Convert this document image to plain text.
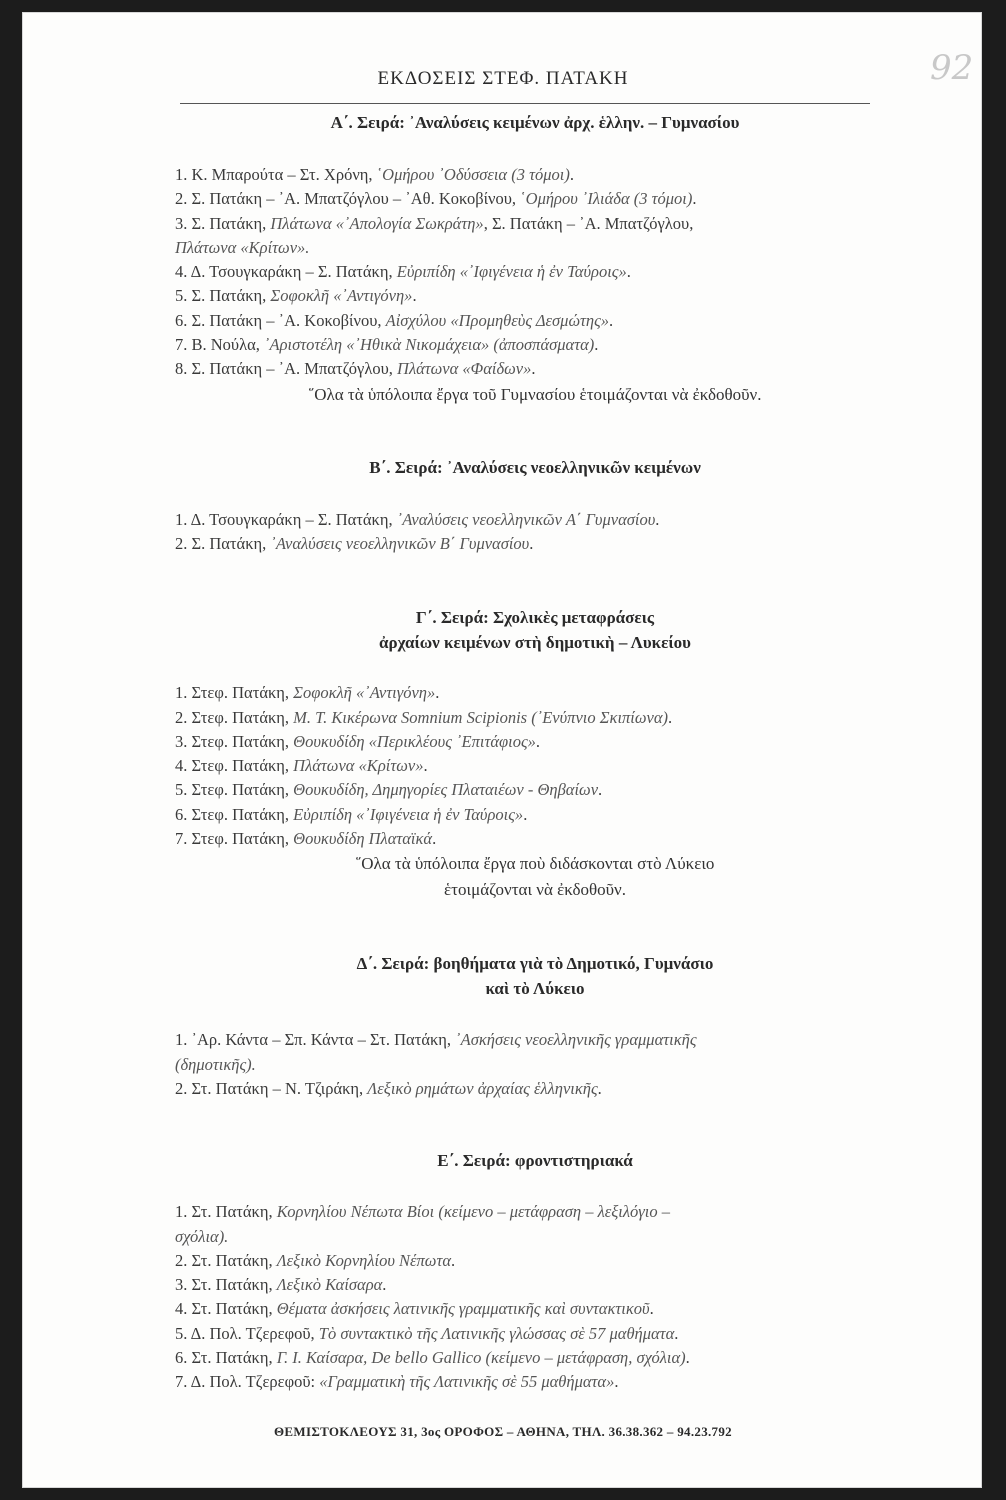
92
ΕΚΔΟΣΕΙΣ ΣΤΕΦ. ΠΑΤΑΚΗ
Α΄. Σειρά: ᾿Αναλύσεις κειμένων ἀρχ. ἑλλην. – Γυμνασίου
1. Κ. Μπαρούτα – Στ. Χρόνη, ῾Ομήρου ᾿Οδύσσεια (3 τόμοι).
2. Σ. Πατάκη – ᾿Α. Μπατζόγλου – ᾿Αθ. Κοκοβίνου, ῾Ομήρου ᾿Ιλιάδα (3 τόμοι).
3. Σ. Πατάκη, Πλάτωνα «᾿Απολογία Σωκράτη», Σ. Πατάκη – ᾿Α. Μπατζόγλου,
Πλάτωνα «Κρίτων».
4. Δ. Τσουγκαράκη – Σ. Πατάκη, Εὐριπίδη «᾿Ιφιγένεια ἡ ἐν Ταύροις».
5. Σ. Πατάκη, Σοφοκλῆ «᾿Αντιγόνη».
6. Σ. Πατάκη – ᾿Α. Κοκοβίνου, Αἰσχύλου «Προμηθεὺς Δεσμώτης».
7. Β. Νούλα, ᾿Αριστοτέλη «᾿Ηθικὰ Νικομάχεια» (ἀποσπάσματα).
8. Σ. Πατάκη – ᾿Α. Μπατζόγλου, Πλάτωνα «Φαίδων».
῞Ολα τὰ ὑπόλοιπα ἔργα τοῦ Γυμνασίου ἑτοιμάζονται νὰ ἐκδοθοῦν.
Β΄. Σειρά: ᾿Αναλύσεις νεοελληνικῶν κειμένων
1. Δ. Τσουγκαράκη – Σ. Πατάκη, ᾿Αναλύσεις νεοελληνικῶν Α΄ Γυμνασίου.
2. Σ. Πατάκη, ᾿Αναλύσεις νεοελληνικῶν Β΄ Γυμνασίου.
Γ΄. Σειρά: Σχολικὲς μεταφράσεις
ἀρχαίων κειμένων στὴ δημοτικὴ – Λυκείου
1. Στεφ. Πατάκη, Σοφοκλῆ «᾿Αντιγόνη».
2. Στεφ. Πατάκη, Μ. Τ. Κικέρωνα Somnium Scipionis (᾿Ενύπνιο Σκιπίωνα).
3. Στεφ. Πατάκη, Θουκυδίδη «Περικλέους ᾿Επιτάφιος».
4. Στεφ. Πατάκη, Πλάτωνα «Κρίτων».
5. Στεφ. Πατάκη, Θουκυδίδη, Δημηγορίες Πλαταιέων - Θηβαίων.
6. Στεφ. Πατάκη, Εὐριπίδη «᾿Ιφιγένεια ἡ ἐν Ταύροις».
7. Στεφ. Πατάκη, Θουκυδίδη Πλαταϊκά.
῞Ολα τὰ ὑπόλοιπα ἔργα ποὺ διδάσκονται στὸ Λύκειο
ἑτοιμάζονται νὰ ἐκδοθοῦν.
Δ΄. Σειρά: βοηθήματα γιὰ τὸ Δημοτικό, Γυμνάσιο
καὶ τὸ Λύκειο
1. ᾿Αρ. Κάντα – Σπ. Κάντα – Στ. Πατάκη, ᾿Ασκήσεις νεοελληνικῆς γραμματικῆς
(δημοτικῆς).
2. Στ. Πατάκη – Ν. Τζιράκη, Λεξικὸ ρημάτων ἀρχαίας ἑλληνικῆς.
Ε΄. Σειρά: φροντιστηριακά
1. Στ. Πατάκη, Κορνηλίου Νέπωτα Βίοι (κείμενο – μετάφραση – λεξιλόγιο –
σχόλια).
2. Στ. Πατάκη, Λεξικὸ Κορνηλίου Νέπωτα.
3. Στ. Πατάκη, Λεξικὸ Καίσαρα.
4. Στ. Πατάκη, Θέματα ἀσκήσεις λατινικῆς γραμματικῆς καὶ συντακτικοῦ.
5. Δ. Πολ. Τζερεφοῦ, Τὸ συντακτικὸ τῆς Λατινικῆς γλώσσας σὲ 57 μαθήματα.
6. Στ. Πατάκη, Γ. Ι. Καίσαρα, De bello Gallico (κείμενο – μετάφραση, σχόλια).
7. Δ. Πολ. Τζερεφοῦ: «Γραμματικὴ τῆς Λατινικῆς σὲ 55 μαθήματα».
ΘΕΜΙΣΤΟΚΛΕΟΥΣ 31, 3ος ΟΡΟΦΟΣ – ΑΘΗΝΑ, ΤΗΛ. 36.38.362 – 94.23.792
